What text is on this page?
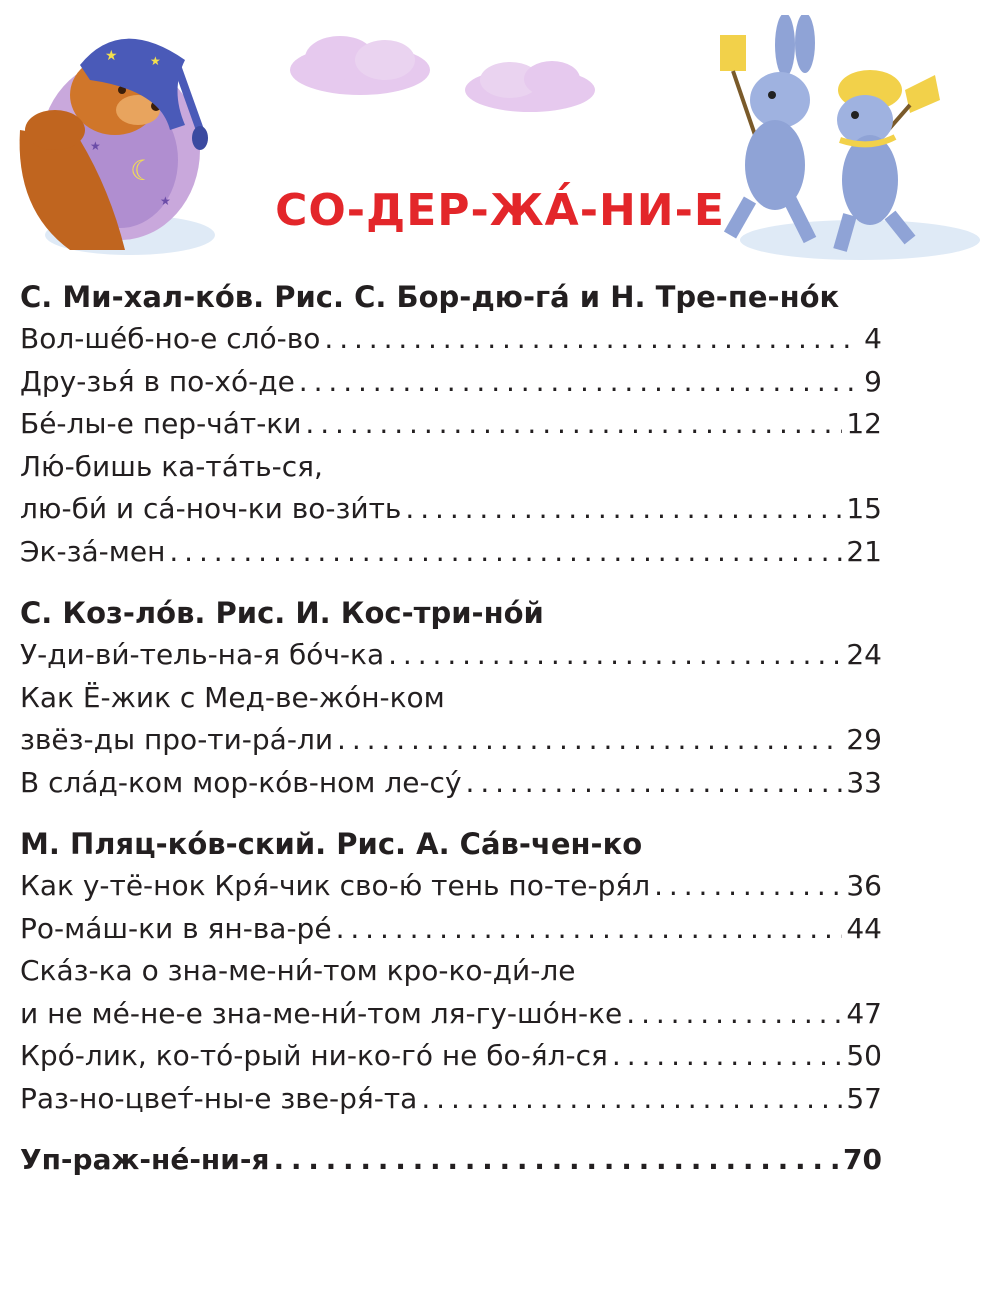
★	★
☾
★
★	СО-ДЕР-ЖА́-НИ-Е
С. Ми-хал-ко́в. Рис. С. Бор-дю-га́ и Н. Тре-пе-но́к
Вол-ше́б-но-е сло́-во . . .	4
Дру-зья́ в по-хо́-де . . .	9
Бе́-лы-е пер-ча́т-ки . . .	12
Лю́-бишь ка-та́ть-ся,
лю-би́ и са́-ноч-ки во-зи́ть . . .	15
Эк-за́-мен . . .	21
С. Коз-ло́в. Рис. И. Кос-три-но́й
У-ди-ви́-тель-на-я бо́ч-ка . . .	24
Как Ё-жик с Мед-ве-жо́н-ком
звёз-ды про-ти-ра́-ли . . .	29
В сла́д-ком мор-ко́в-ном ле-су́ . . .	33
М. Пляц-ко́в-ский. Рис. А. Са́в-чен-ко
Как у-тё-нок Кря́-чик сво-ю́ тень по-те-ря́л . . .	36
Ро-ма́ш-ки в ян-ва-ре́ . . .	44
Ска́з-ка о зна-ме-ни́-том кро-ко-ди́-ле
и не ме́-не-е зна-ме-ни́-том ля-гу-шо́н-ке . . .	47
Кро́-лик, ко-то́-рый ни-ко-го́ не бо-я́л-ся . . .	50
Раз-но-цвет́-ны-е зве-ря́-та . . .	57
Уп-раж-не́-ни-я . . .	70
